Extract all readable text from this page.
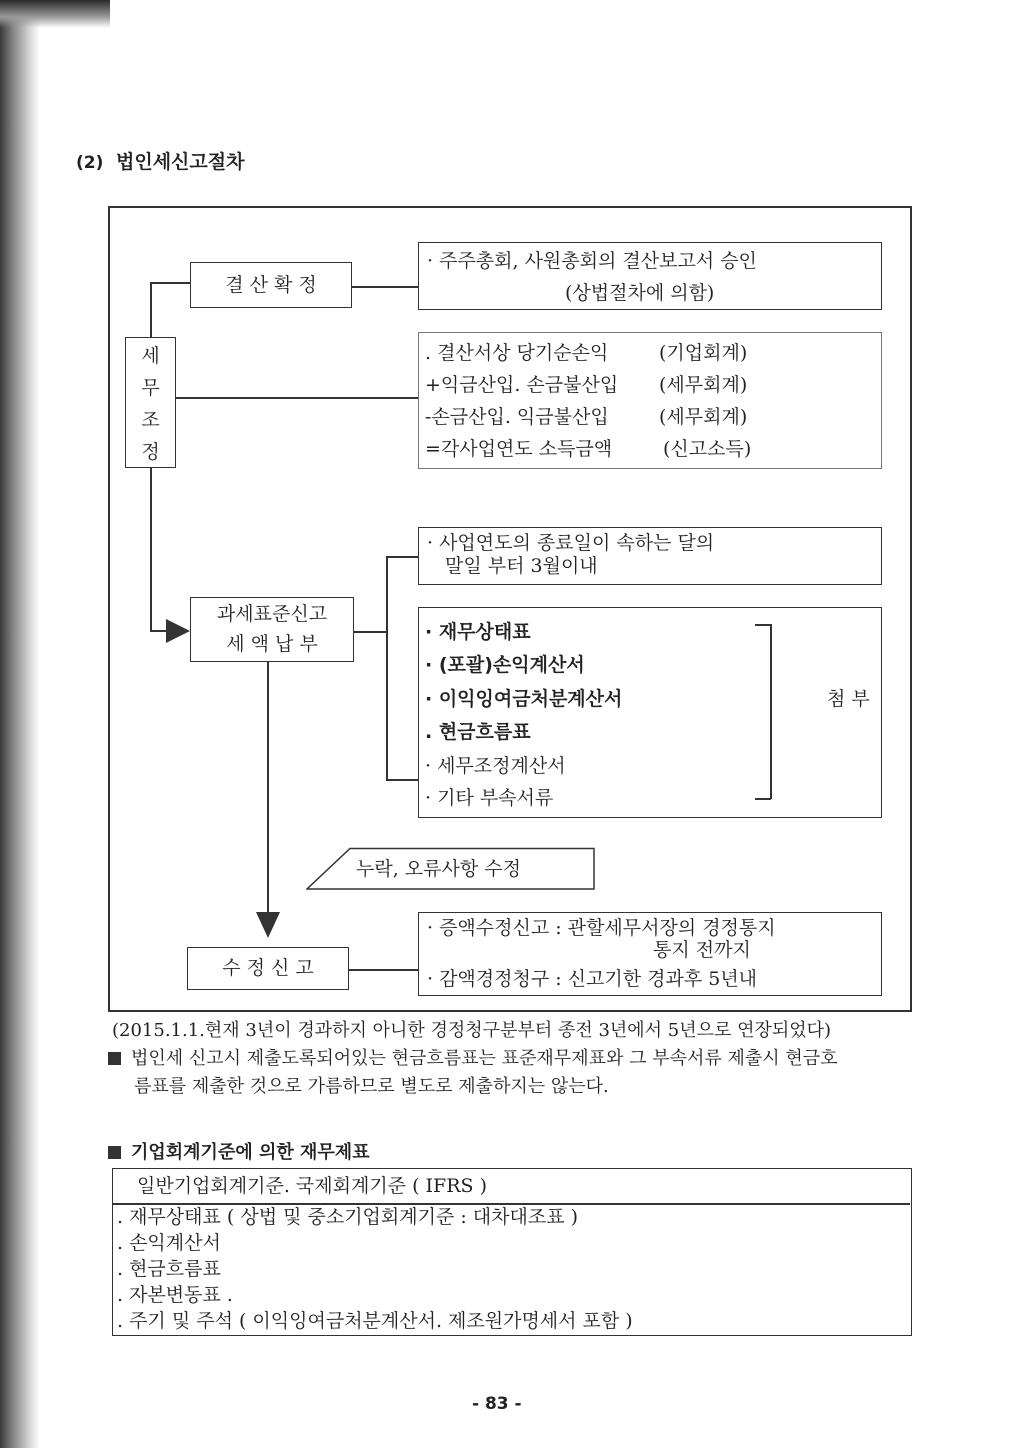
(2) 법인세신고절차
결 산 확 정
· 주주총회, 사원총회의 결산보고서 승인
(상법절차에 의함)
세
무
조
정
. 결산서상 당기순손익	(기업회계)
+익금산입. 손금불산입 (세무회계)
-손금산입. 익금불산입	(세무회계)
=각사업연도 소득금액	(신고소득)
· 사업연도의 종료일이 속하는 달의
말일 부터 3월이내
과세표준신고
세 액 납 부
· 재무상태표
· (포괄)손익계산서
· 이익잉여금처분계산서
. 현금흐름표
· 세무조정계산서
· 기타 부속서류
첨 부
누락, 오류사항 수정
수 정 신 고
· 증액수정신고 : 관할세무서장의 경정통지
통지 전까지
· 감액경정청구 : 신고기한 경과후 5년내
(2015.1.1.현재 3년이 경과하지 아니한 경정청구분부터 종전 3년에서 5년으로 연장되었다)
법인세 신고시 제출도록되어있는 현금흐름표는 표준재무제표와 그 부속서류 제출시 현금호
름표를 제출한 것으로 가름하므로 별도로 제출하지는 않는다.
기업회계기준에 의한 재무제표
일반기업회계기준. 국제회계기준 ( IFRS )
. 재무상태표 ( 상법 및 중소기업회계기준 : 대차대조표 )
. 손익계산서
. 현금흐름표
. 자본변동표 .
. 주기 및 주석 ( 이익잉여금처분계산서. 제조원가명세서 포함 )
- 83 -
